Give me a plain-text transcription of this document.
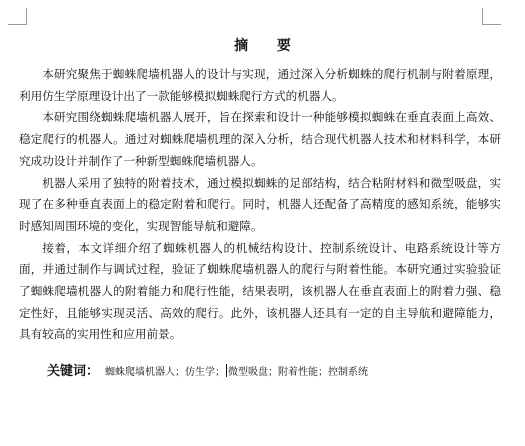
摘 要

本研究聚焦于蜘蛛爬墙机器人的设计与实现，通过深入分析蜘蛛的爬行机制与附着原理，利用仿生学原理设计出了一款能够模拟蜘蛛爬行方式的机器人。

本研究围绕蜘蛛爬墙机器人展开，旨在探索和设计一种能够模拟蜘蛛在垂直表面上高效、稳定爬行的机器人。通过对蜘蛛爬墙机理的深入分析，结合现代机器人技术和材料科学，本研究成功设计并制作了一种新型蜘蛛爬墙机器人。

机器人采用了独特的附着技术，通过模拟蜘蛛的足部结构，结合粘附材料和微型吸盘，实现了在多种垂直表面上的稳定附着和爬行。同时，机器人还配备了高精度的感知系统，能够实时感知周围环境的变化，实现智能导航和避障。

接着，本文详细介绍了蜘蛛机器人的机械结构设计、控制系统设计、电路系统设计等方面，并通过制作与调试过程，验证了蜘蛛爬墙机器人的爬行与附着性能。本研究通过实验验证了蜘蛛爬墙机器人的附着能力和爬行性能，结果表明，该机器人在垂直表面上的附着力强、稳定性好，且能够实现灵活、高效的爬行。此外，该机器人还具有一定的自主导航和避障能力，具有较高的实用性和应用前景。

关键词： 蜘蛛爬墙机器人；仿生学； 微型吸盘；附着性能；控制系统
